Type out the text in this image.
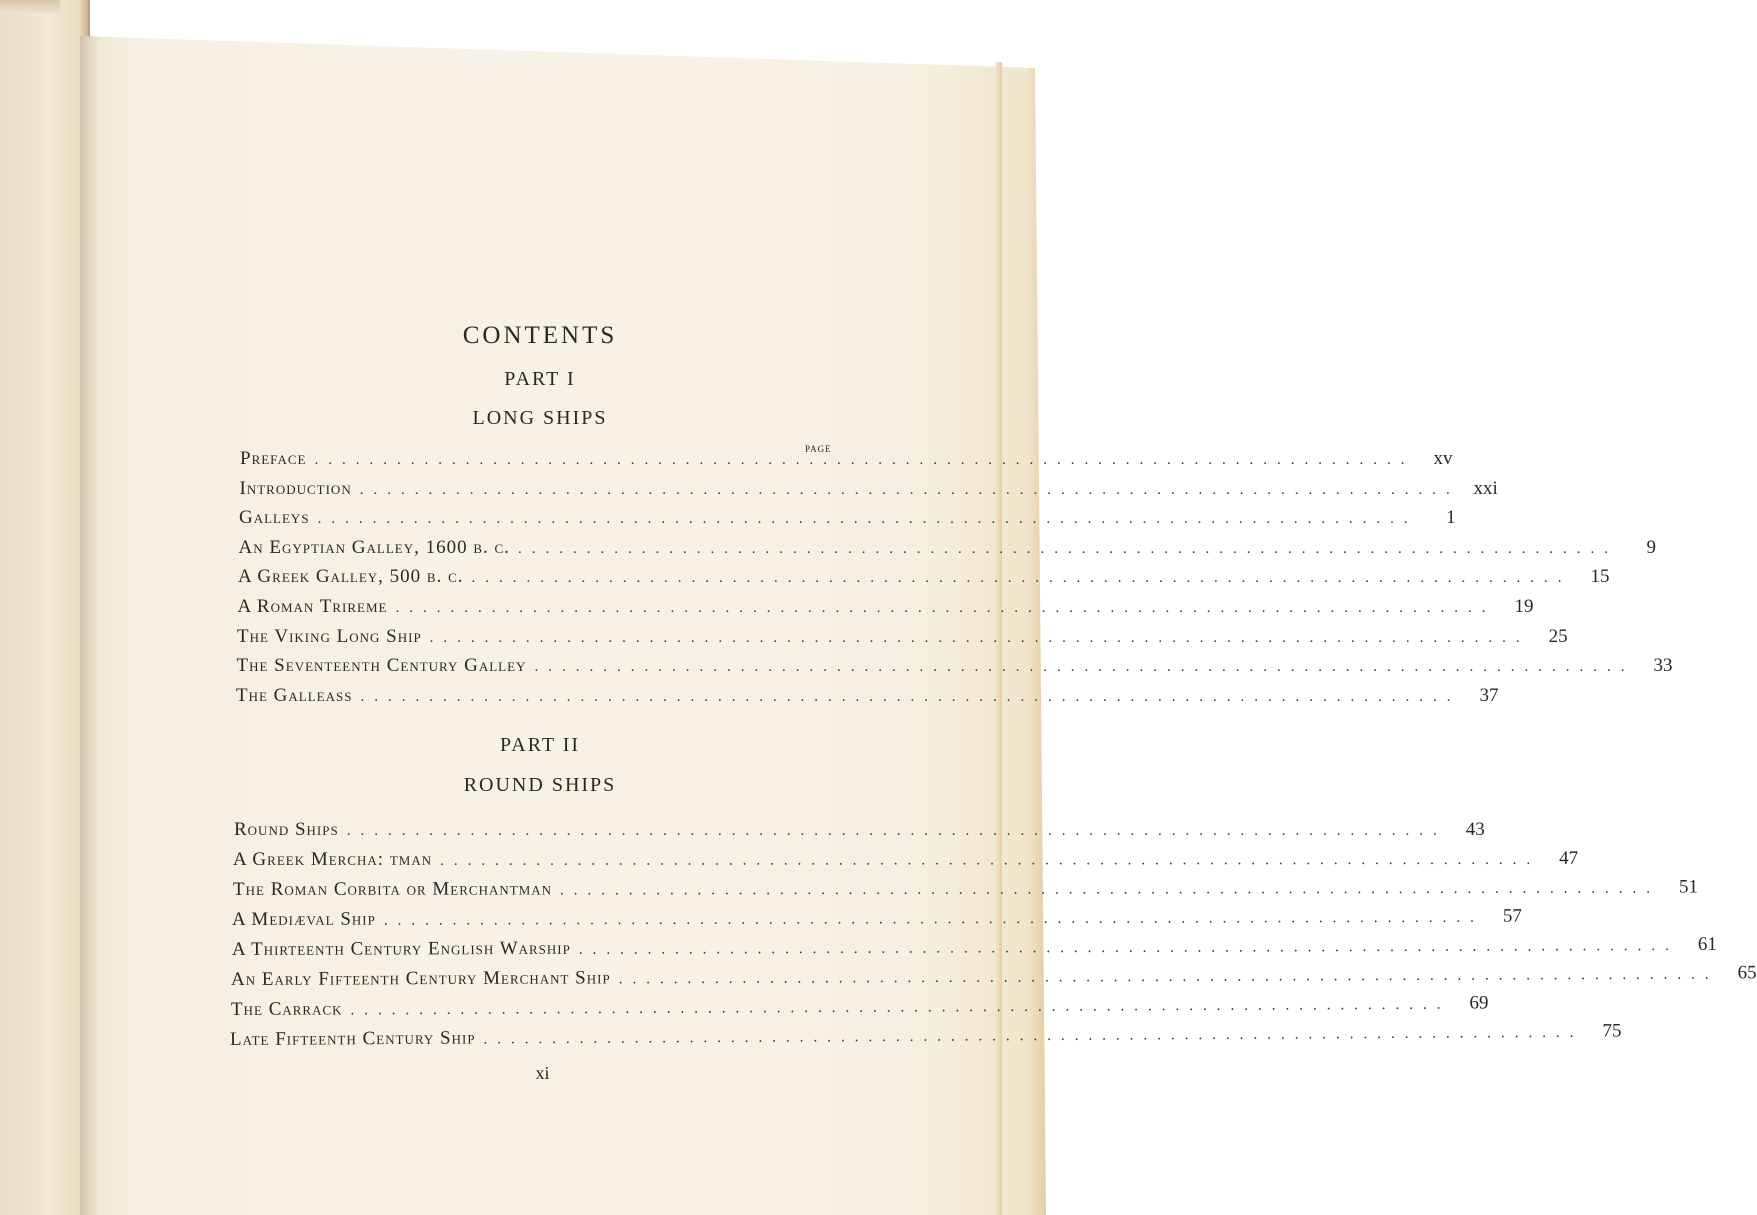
CONTENTS
PART I
LONG SHIPS
PAGE
Preface ................................................................................	xv
Introduction ................................................................................ xxi
Galleys ................................................................................	1
An Egyptian Galley, 1600 b. c. ................................................................................	9
A Greek Galley, 500 b. c. ................................................................................	15
A Roman Trireme ................................................................................	19
The Viking Long Ship ................................................................................	25
The Seventeenth Century Galley ................................................................................	33
The Galleass ................................................................................	37
PART II
ROUND SHIPS
Round Ships ................................................................................	43
A Greek Mercha: tman ................................................................................ 47
The Roman Corbita or Merchantman ................................................................................ 51
A Mediæval Ship ................................................................................ 57
A Thirteenth Century English Warship ................................................................................ 61
An Early Fifteenth Century Merchant Ship ................................................................................ 65
The Carrack ................................................................................ 69
Late Fifteenth Century Ship ................................................................................ 75
xi
